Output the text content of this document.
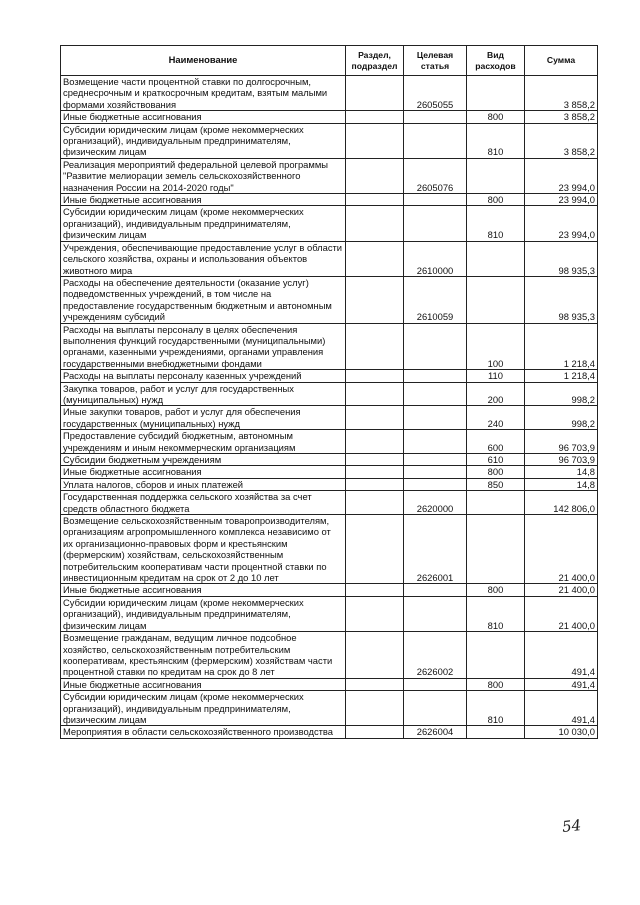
Наименование	Раздел, подраздел	Целевая статья	Вид расходов	Сумма
Возмещение части процентной ставки по долгосрочным, среднесрочным и краткосрочным кредитам, взятым малыми формами хозяйствования		2605055		3 858,2
Иные бюджетные ассигнования			800	3 858,2
Субсидии юридическим лицам (кроме некоммерческих организаций), индивидуальным предпринимателям, физическим лицам			810	3 858,2
Реализация мероприятий федеральной целевой программы "Развитие мелиорации земель сельскохозяйственного назначения России на 2014-2020 годы"		2605076		23 994,0
Иные бюджетные ассигнования			800	23 994,0
Субсидии юридическим лицам (кроме некоммерческих организаций), индивидуальным предпринимателям, физическим лицам			810	23 994,0
Учреждения, обеспечивающие предоставление услуг в области сельского хозяйства, охраны и использования объектов животного мира		2610000		98 935,3
Расходы на обеспечение деятельности (оказание услуг) подведомственных учреждений, в том числе на предоставление государственным бюджетным и автономным учреждениям субсидий		2610059		98 935,3
Расходы на выплаты персоналу в целях обеспечения выполнения функций государственными (муниципальными) органами, казенными учреждениями, органами управления государственными внебюджетными фондами			100	1 218,4
Расходы на выплаты персоналу казенных учреждений			110	1 218,4
Закупка товаров, работ и услуг для государственных (муниципальных) нужд			200	998,2
Иные закупки товаров, работ и услуг для обеспечения государственных (муниципальных) нужд			240	998,2
Предоставление субсидий бюджетным, автономным учреждениям и иным некоммерческим организациям			600	96 703,9
Субсидии бюджетным учреждениям			610	96 703,9
Иные бюджетные ассигнования			800	14,8
Уплата налогов, сборов и иных платежей			850	14,8
Государственная поддержка сельского хозяйства за счет средств областного бюджета		2620000		142 806,0
Возмещение сельскохозяйственным товаропроизводителям, организациям агропромышленного комплекса независимо от их организационно-правовых форм и крестьянским (фермерским) хозяйствам, сельскохозяйственным потребительским кооперативам части процентной ставки по инвестиционным кредитам на срок от 2 до 10 лет		2626001		21 400,0
Иные бюджетные ассигнования			800	21 400,0
Субсидии юридическим лицам (кроме некоммерческих организаций), индивидуальным предпринимателям, физическим лицам			810	21 400,0
Возмещение гражданам, ведущим личное подсобное хозяйство, сельскохозяйственным потребительским кооперативам, крестьянским (фермерским) хозяйствам части процентной ставки по кредитам на срок до 8 лет		2626002		491,4
Иные бюджетные ассигнования			800	491,4
Субсидии юридическим лицам (кроме некоммерческих организаций), индивидуальным предпринимателям, физическим лицам			810	491,4
Мероприятия в области сельскохозяйственного производства		2626004		10 030,0
54
